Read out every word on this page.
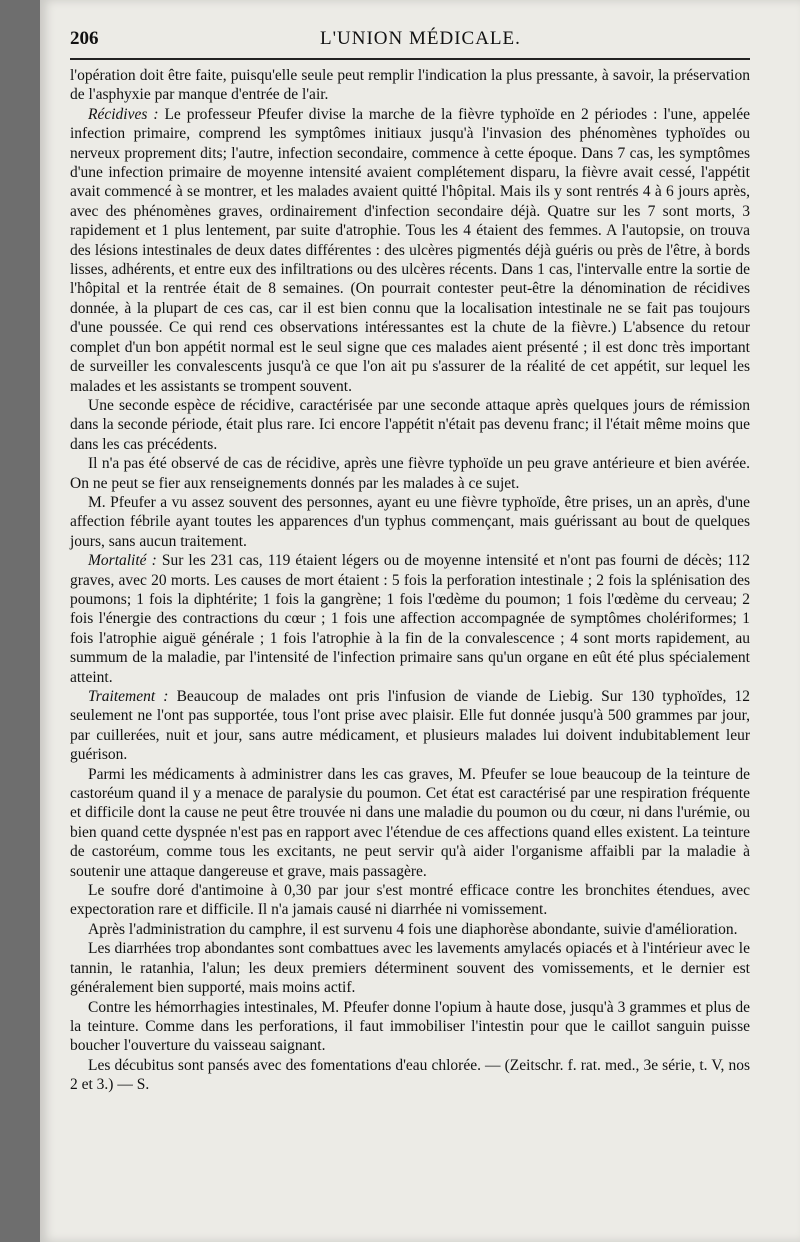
206	L'UNION MÉDICALE.

l'opération doit être faite, puisqu'elle seule peut remplir l'indication la plus pressante, à savoir, la préservation de l'asphyxie par manque d'entrée de l'air.

Récidives : Le professeur Pfeufer divise la marche de la fièvre typhoïde en 2 périodes : l'une, appelée infection primaire, comprend les symptômes initiaux jusqu'à l'invasion des phénomènes typhoïdes ou nerveux proprement dits; l'autre, infection secondaire, commence à cette époque. Dans 7 cas, les symptômes d'une infection primaire de moyenne intensité avaient complétement disparu, la fièvre avait cessé, l'appétit avait commencé à se montrer, et les malades avaient quitté l'hôpital. Mais ils y sont rentrés 4 à 6 jours après, avec des phénomènes graves, ordinairement d'infection secondaire déjà. Quatre sur les 7 sont morts, 3 rapidement et 1 plus lentement, par suite d'atrophie. Tous les 4 étaient des femmes. A l'autopsie, on trouva des lésions intestinales de deux dates différentes : des ulcères pigmentés déjà guéris ou près de l'être, à bords lisses, adhérents, et entre eux des infiltrations ou des ulcères récents. Dans 1 cas, l'intervalle entre la sortie de l'hôpital et la rentrée était de 8 semaines. (On pourrait contester peut-être la dénomination de récidives donnée, à la plupart de ces cas, car il est bien connu que la localisation intestinale ne se fait pas toujours d'une poussée. Ce qui rend ces observations intéressantes est la chute de la fièvre.) L'absence du retour complet d'un bon appétit normal est le seul signe que ces malades aient présenté ; il est donc très important de surveiller les convalescents jusqu'à ce que l'on ait pu s'assurer de la réalité de cet appétit, sur lequel les malades et les assistants se trompent souvent.

Une seconde espèce de récidive, caractérisée par une seconde attaque après quelques jours de rémission dans la seconde période, était plus rare. Ici encore l'appétit n'était pas devenu franc; il l'était même moins que dans les cas précédents.

Il n'a pas été observé de cas de récidive, après une fièvre typhoïde un peu grave antérieure et bien avérée. On ne peut se fier aux renseignements donnés par les malades à ce sujet.

M. Pfeufer a vu assez souvent des personnes, ayant eu une fièvre typhoïde, être prises, un an après, d'une affection fébrile ayant toutes les apparences d'un typhus commençant, mais guérissant au bout de quelques jours, sans aucun traitement.

Mortalité : Sur les 231 cas, 119 étaient légers ou de moyenne intensité et n'ont pas fourni de décès; 112 graves, avec 20 morts. Les causes de mort étaient : 5 fois la perforation intestinale ; 2 fois la splénisation des poumons; 1 fois la diphtérite; 1 fois la gangrène; 1 fois l'œdème du poumon; 1 fois l'œdème du cerveau; 2 fois l'énergie des contractions du cœur ; 1 fois une affection accompagnée de symptômes cholériformes; 1 fois l'atrophie aiguë générale ; 1 fois l'atrophie à la fin de la convalescence ; 4 sont morts rapidement, au summum de la maladie, par l'intensité de l'infection primaire sans qu'un organe en eût été plus spécialement atteint.

Traitement : Beaucoup de malades ont pris l'infusion de viande de Liebig. Sur 130 typhoïdes, 12 seulement ne l'ont pas supportée, tous l'ont prise avec plaisir. Elle fut donnée jusqu'à 500 grammes par jour, par cuillerées, nuit et jour, sans autre médicament, et plusieurs malades lui doivent indubitablement leur guérison.

Parmi les médicaments à administrer dans les cas graves, M. Pfeufer se loue beaucoup de la teinture de castoréum quand il y a menace de paralysie du poumon. Cet état est caractérisé par une respiration fréquente et difficile dont la cause ne peut être trouvée ni dans une maladie du poumon ou du cœur, ni dans l'urémie, ou bien quand cette dyspnée n'est pas en rapport avec l'étendue de ces affections quand elles existent. La teinture de castoréum, comme tous les excitants, ne peut servir qu'à aider l'organisme affaibli par la maladie à soutenir une attaque dangereuse et grave, mais passagère.

Le soufre doré d'antimoine à 0,30 par jour s'est montré efficace contre les bronchites étendues, avec expectoration rare et difficile. Il n'a jamais causé ni diarrhée ni vomissement.

Après l'administration du camphre, il est survenu 4 fois une diaphorèse abondante, suivie d'amélioration.

Les diarrhées trop abondantes sont combattues avec les lavements amylacés opiacés et à l'intérieur avec le tannin, le ratanhia, l'alun; les deux premiers déterminent souvent des vomissements, et le dernier est généralement bien supporté, mais moins actif.

Contre les hémorrhagies intestinales, M. Pfeufer donne l'opium à haute dose, jusqu'à 3 grammes et plus de la teinture. Comme dans les perforations, il faut immobiliser l'intestin pour que le caillot sanguin puisse boucher l'ouverture du vaisseau saignant.

Les décubitus sont pansés avec des fomentations d'eau chlorée. — (Zeitschr. f. rat. med., 3e série, t. V, nos 2 et 3.) — S.
